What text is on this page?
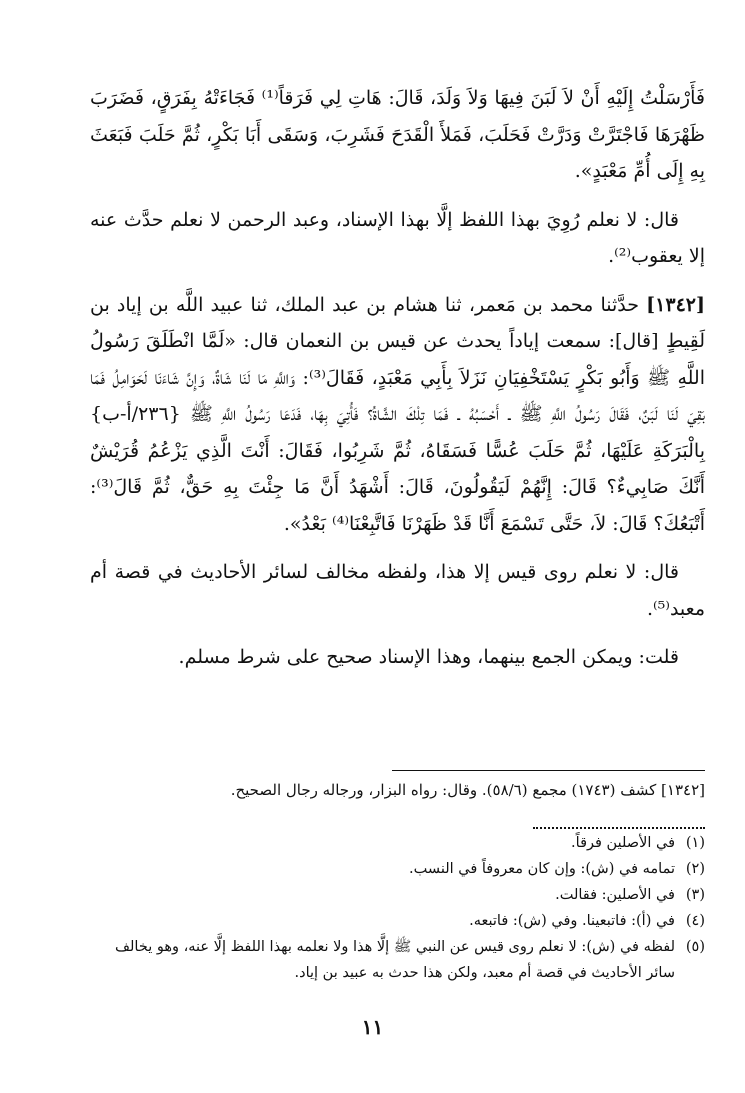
فَأَرْسَلْتُ إِلَيْهِ أَنْ لاَ لَبَنَ فِيهَا وَلاَ وَلَدَ، قَالَ: هَاتِ لِي فَرَقاً⁽¹⁾ فَجَاءَتْهُ بِفَرَقٍ، فَضَرَبَ ظَهْرَهَا فَاجْتَرَّتْ وَدَرَّتْ فَحَلَبَ، فَمَلأَ الْقَدَحَ فَشَرِبَ، وَسَقَى أَبَا بَكْرٍ، ثُمَّ حَلَبَ فَبَعَثَ بِهِ إِلَى أُمِّ مَعْبَدٍ».

قال: لا نعلم رُوِيَ بهذا اللفظ إلَّا بهذا الإسناد، وعبد الرحمن لا نعلم حدَّث عنه إلا يعقوب⁽²⁾.

[١٣٤٢] حدَّثنا محمد بن مَعمر، ثنا هشام بن عبد الملك، ثنا عبيد اللَّه بن إياد بن لَقِيطٍ [قال]: سمعت إياداً يحدث عن قيس بن النعمان قال: «لَمَّا انْطَلَقَ رَسُولُ اللَّهِ ﷺ وَأَبُو بَكْرٍ يَسْتَخْفِيَانِ نَزَلاَ بِأَبِي مَعْبَدٍ، فَقَالَ⁽³⁾: وَاللَّهِ مَا لَنَا شَاةٌ، وَإِنَّ شَاءَنَا لَحَوَامِلُ فَمَا بَقِيَ لَنَا لَبَنٌ، فَقَالَ رَسُولُ اللَّهِ ﷺ ـ أَحْسَبُهُ ـ فَمَا تِلْكَ الشَّاةُ؟ فَأُتِيَ بِهَا، فَدَعَا رَسُولُ اللَّهِ ﷺ {٢٣٦/أ-ب} بِالْبَرَكَةِ عَلَيْهَا، ثُمَّ حَلَبَ عُسًّا فَسَقَاهُ، ثُمَّ شَرِبُوا، فَقَالَ: أَنْتَ الَّذِي يَزْعُمُ قُرَيْشٌ أَنَّكَ صَابِيءٌ؟ قَالَ: إِنَّهُمْ لَيَقُولُونَ، قَالَ: أَشْهَدُ أَنَّ مَا جِئْتَ بِهِ حَقٌّ، ثُمَّ قَالَ⁽³⁾: أَتْبَعُكَ؟ قَالَ: لاَ، حَتَّى تَسْمَعَ أَنَّا قَدْ ظَهَرْنَا فَاتَّبِعْنَا⁽⁴⁾ بَعْدُ».

قال: لا نعلم روى قيس إلا هذا، ولفظه مخالف لسائر الأحاديث في قصة أم معبد⁽⁵⁾.

قلت: ويمكن الجمع بينهما، وهذا الإسناد صحيح على شرط مسلم.

[١٣٤٢] كشف (١٧٤٣) مجمع (٥٨/٦). وقال: رواه البزار، ورجاله رجال الصحيح.
(١)
في الأصلين فرقاً.
(٢)
تمامه في (ش): وإن كان معروفاً في النسب.
(٣)
في الأصلين: فقالت.
(٤)
في (أ): فاتبعينا. وفي (ش): فاتبعه.
(٥)
لفظه في (ش): لا نعلم روى قيس عن النبي ﷺ إلَّا هذا ولا نعلمه بهذا اللفظ إلَّا عنه، وهو يخالف سائر الأحاديث في قصة أم معبد، ولكن هذا حدث به عبيد بن إياد.
١١
